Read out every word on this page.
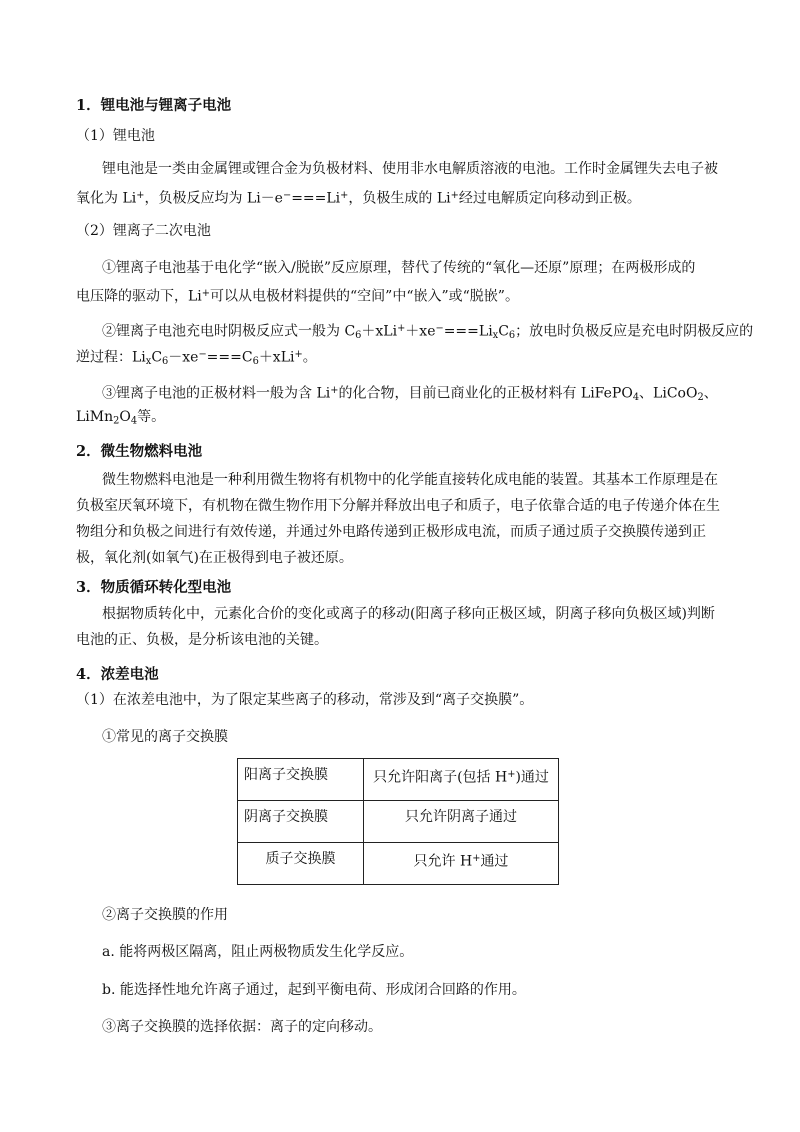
1．锂电池与锂离子电池
（1）锂电池
锂电池是一类由金属锂或锂合金为负极材料、使用非水电解质溶液的电池。工作时金属锂失去电子被
氧化为 Li+，负极反应均为 Li－e−===Li+，负极生成的 Li+经过电解质定向移动到正极。
（2）锂离子二次电池
①锂离子电池基于电化学“嵌入/脱嵌”反应原理，替代了传统的“氧化—还原”原理；在两极形成的
电压降的驱动下，Li+可以从电极材料提供的“空间”中“嵌入”或“脱嵌”。
②锂离子电池充电时阴极反应式一般为 $C_6+xLi^++xe^-===Li_xC_6$；放电时负极反应是充电时阴极反应的
逆过程：$Li_xC_6-xe^-===C_6+xLi^+$。
③锂离子电池的正极材料一般为含 Li+的化合物，目前已商业化的正极材料有 LiFePO$_4$、LiCoO$_2$、
$LiMn_2O_4$等。
2．微生物燃料电池
微生物燃料电池是一种利用微生物将有机物中的化学能直接转化成电能的装置。其基本工作原理是在
负极室厌氧环境下，有机物在微生物作用下分解并释放出电子和质子，电子依靠合适的电子传递介体在生
物组分和负极之间进行有效传递，并通过外电路传递到正极形成电流，而质子通过质子交换膜传递到正
极，氧化剂(如氧气)在正极得到电子被还原。
3．物质循环转化型电池
根据物质转化中，元素化合价的变化或离子的移动(阳离子移向正极区域，阴离子移向负极区域)判断
电池的正、负极，是分析该电池的关键。
4．浓差电池
（1）在浓差电池中，为了限定某些离子的移动，常涉及到“离子交换膜”。
①常见的离子交换膜
阳离子交换膜	只允许阳离子(包括 H+)通过
阴离子交换膜	只允许阴离子通过
质子交换膜	只允许 H+通过
②离子交换膜的作用
a. 能将两极区隔离，阻止两极物质发生化学反应。
b. 能选择性地允许离子通过，起到平衡电荷、形成闭合回路的作用。
③离子交换膜的选择依据：离子的定向移动。
